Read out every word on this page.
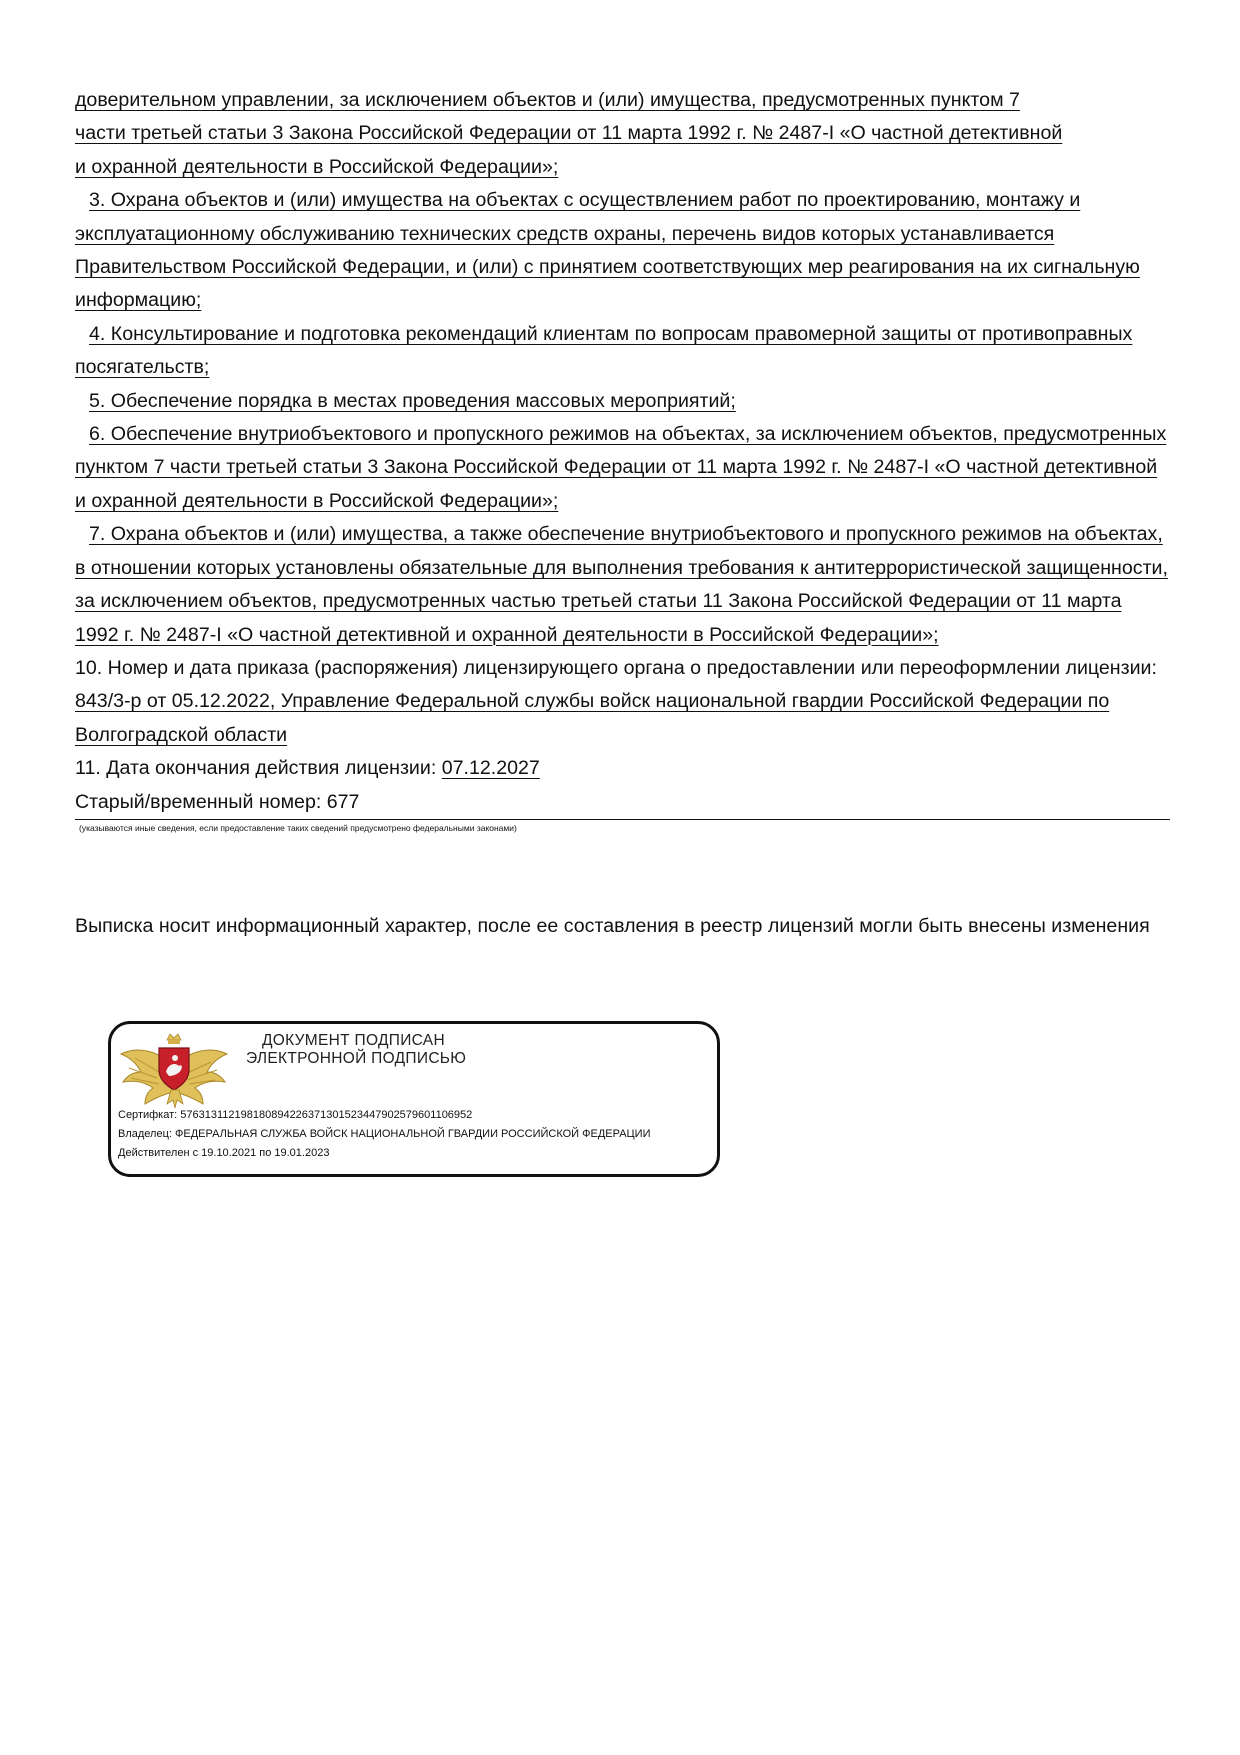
доверительном управлении, за исключением объектов и (или) имущества, предусмотренных пунктом 7
части третьей статьи 3 Закона Российской Федерации от 11 марта 1992 г. № 2487-I «О частной детективной
и охранной деятельности в Российской Федерации»;

3. Охрана объектов и (или) имущества на объектах с осуществлением работ по проектированию, монтажу и эксплуатационному обслуживанию технических средств охраны, перечень видов которых устанавливается Правительством Российской Федерации, и (или) с принятием соответствующих мер реагирования на их сигнальную информацию;

4. Консультирование и подготовка рекомендаций клиентам по вопросам правомерной защиты от противоправных посягательств;

5. Обеспечение порядка в местах проведения массовых мероприятий;

6. Обеспечение внутриобъектового и пропускного режимов на объектах, за исключением объектов, предусмотренных пунктом 7 части третьей статьи 3 Закона Российской Федерации от 11 марта 1992 г. № 2487-I «О частной детективной и охранной деятельности в Российской Федерации»;

7. Охрана объектов и (или) имущества, а также обеспечение внутриобъектового и пропускного режимов на объектах, в отношении которых установлены обязательные для выполнения требования к антитеррористической защищенности, за исключением объектов, предусмотренных частью третьей статьи 11 Закона Российской Федерации от 11 марта 1992 г. № 2487-I «О частной детективной и охранной деятельности в Российской Федерации»;

10. Номер и дата приказа (распоряжения) лицензирующего органа о предоставлении или переоформлении лицензии: 843/3-р от 05.12.2022, Управление Федеральной службы войск национальной гвардии Российской Федерации по Волгоградской области

11. Дата окончания действия лицензии: 07.12.2027

Старый/временный номер: 677

(указываются иные сведения, если предоставление таких сведений предусмотрено федеральными законами)
Выписка носит информационный характер, после ее составления в реестр лицензий могли быть внесены изменения
ДОКУМЕНТ ПОДПИСАН
ЭЛЕКТРОННОЙ ПОДПИСЬЮ
Сертифкат: 57631311219818089422637130152344790257960110695​2
Владелец: ФЕДЕРАЛЬНАЯ СЛУЖБА ВОЙСК НАЦИОНАЛЬНОЙ ГВАРДИИ РОССИЙСКОЙ ФЕДЕРАЦИИ
Действителен с 19.10.2021 по 19.01.2023
